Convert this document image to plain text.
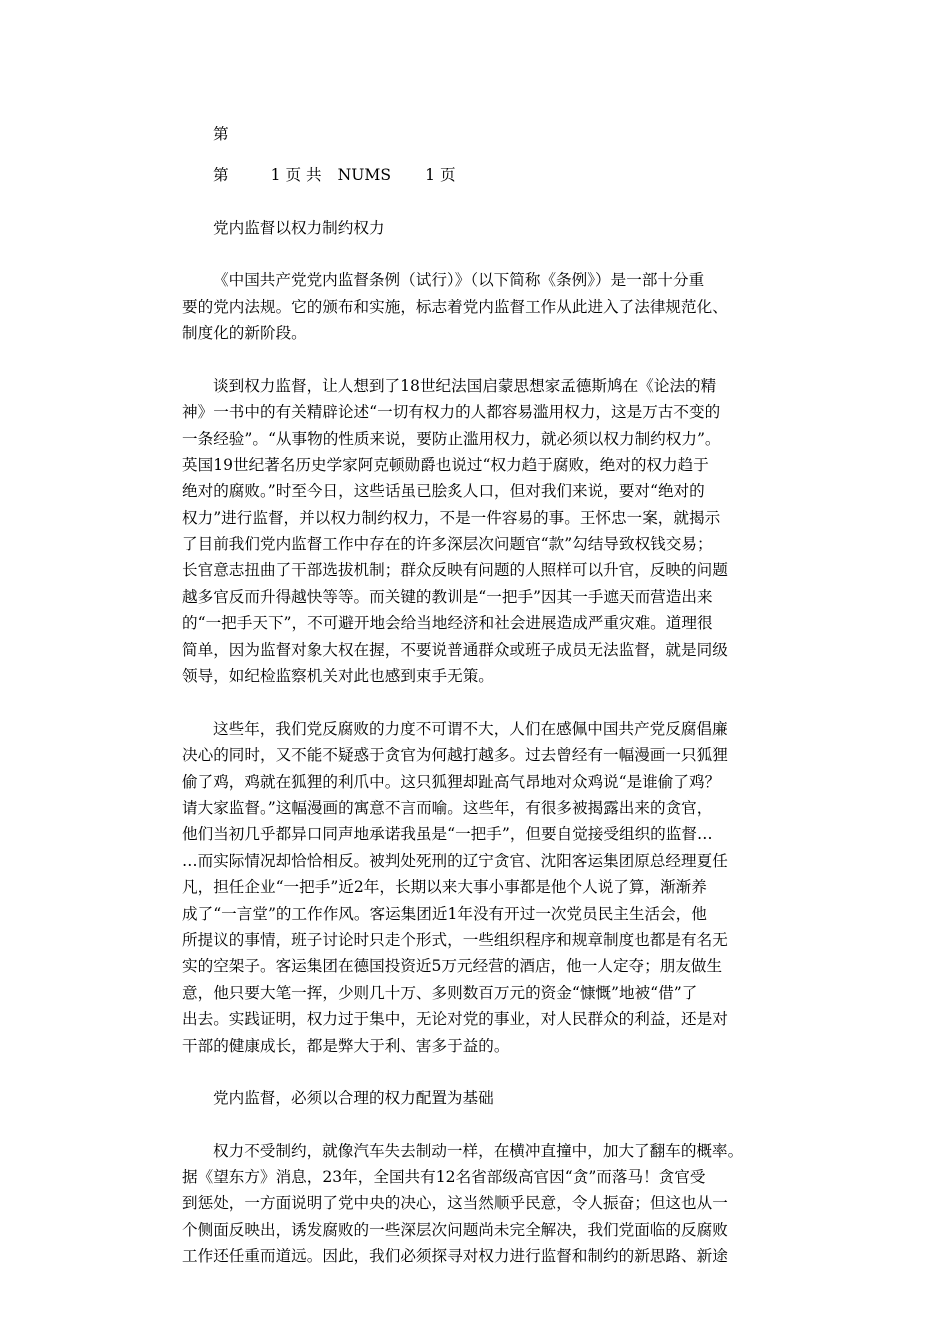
第
第	1 页 共 NUMS 1 页
党内监督以权力制约权力
《中国共产党党内监督条例（试行）》（以下简称《条例》）是一部十分重
要的党内法规。它的颁布和实施，标志着党内监督工作从此进入了法律规范化、
制度化的新阶段。
谈到权力监督，让人想到了18世纪法国启蒙思想家孟德斯鸠在《论法的精
神》一书中的有关精辟论述“一切有权力的人都容易滥用权力，这是万古不变的
一条经验”。“从事物的性质来说，要防止滥用权力，就必须以权力制约权力”。
英国19世纪著名历史学家阿克顿勋爵也说过“权力趋于腐败，绝对的权力趋于
绝对的腐败。”时至今日，这些话虽已脍炙人口，但对我们来说，要对“绝对的
权力”进行监督，并以权力制约权力，不是一件容易的事。王怀忠一案，就揭示
了目前我们党内监督工作中存在的许多深层次问题官“款”勾结导致权钱交易；
长官意志扭曲了干部选拔机制；群众反映有问题的人照样可以升官，反映的问题
越多官反而升得越快等等。而关键的教训是“一把手”因其一手遮天而营造出来
的“一把手天下”，不可避开地会给当地经济和社会进展造成严重灾难。道理很
简单，因为监督对象大权在握，不要说普通群众或班子成员无法监督，就是同级
领导，如纪检监察机关对此也感到束手无策。
这些年，我们党反腐败的力度不可谓不大，人们在感佩中国共产党反腐倡廉
决心的同时，又不能不疑惑于贪官为何越打越多。过去曾经有一幅漫画一只狐狸
偷了鸡，鸡就在狐狸的利爪中。这只狐狸却趾高气昂地对众鸡说“是谁偷了鸡？
请大家监督。”这幅漫画的寓意不言而喻。这些年，有很多被揭露出来的贪官，
他们当初几乎都异口同声地承诺我虽是“一把手”，但要自觉接受组织的监督…
…而实际情况却恰恰相反。被判处死刑的辽宁贪官、沈阳客运集团原总经理夏任
凡，担任企业“一把手”近2年，长期以来大事小事都是他个人说了算，渐渐养
成了“一言堂”的工作作风。客运集团近1年没有开过一次党员民主生活会，他
所提议的事情，班子讨论时只走个形式，一些组织程序和规章制度也都是有名无
实的空架子。客运集团在德国投资近5万元经营的酒店，他一人定夺；朋友做生
意，他只要大笔一挥，少则几十万、多则数百万元的资金“慷慨”地被“借”了
出去。实践证明，权力过于集中，无论对党的事业，对人民群众的利益，还是对
干部的健康成长，都是弊大于利、害多于益的。
党内监督，必须以合理的权力配置为基础
权力不受制约，就像汽车失去制动一样，在横冲直撞中，加大了翻车的概率。
据《望东方》消息，23年，全国共有12名省部级高官因“贪”而落马！贪官受
到惩处，一方面说明了党中央的决心，这当然顺乎民意，令人振奋；但这也从一
个侧面反映出，诱发腐败的一些深层次问题尚未完全解决，我们党面临的反腐败
工作还任重而道远。因此，我们必须探寻对权力进行监督和制约的新思路、新途
